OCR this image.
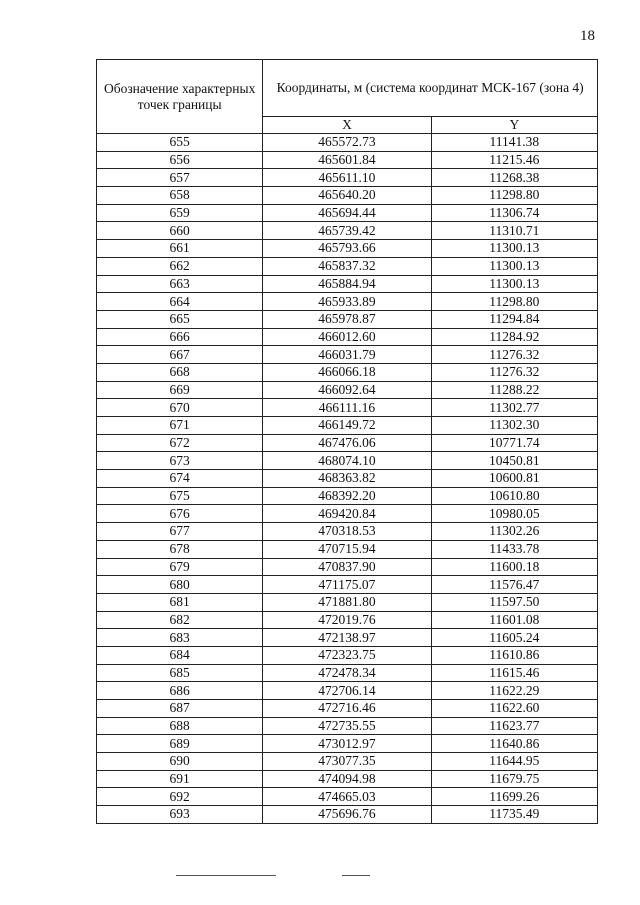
18
Обозначение характерных точек границы	Координаты, м (система координат МСК-167 (зона 4)	
	X	Y
655	465572.73	11141.38
656	465601.84	11215.46
657	465611.10	11268.38
658	465640.20	11298.80
659	465694.44	11306.74
660	465739.42	11310.71
661	465793.66	11300.13
662	465837.32	11300.13
663	465884.94	11300.13
664	465933.89	11298.80
665	465978.87	11294.84
666	466012.60	11284.92
667	466031.79	11276.32
668	466066.18	11276.32
669	466092.64	11288.22
670	466111.16	11302.77
671	466149.72	11302.30
672	467476.06	10771.74
673	468074.10	10450.81
674	468363.82	10600.81
675	468392.20	10610.80
676	469420.84	10980.05
677	470318.53	11302.26
678	470715.94	11433.78
679	470837.90	11600.18
680	471175.07	11576.47
681	471881.80	11597.50
682	472019.76	11601.08
683	472138.97	11605.24
684	472323.75	11610.86
685	472478.34	11615.46
686	472706.14	11622.29
687	472716.46	11622.60
688	472735.55	11623.77
689	473012.97	11640.86
690	473077.35	11644.95
691	474094.98	11679.75
692	474665.03	11699.26
693	475696.76	11735.49
